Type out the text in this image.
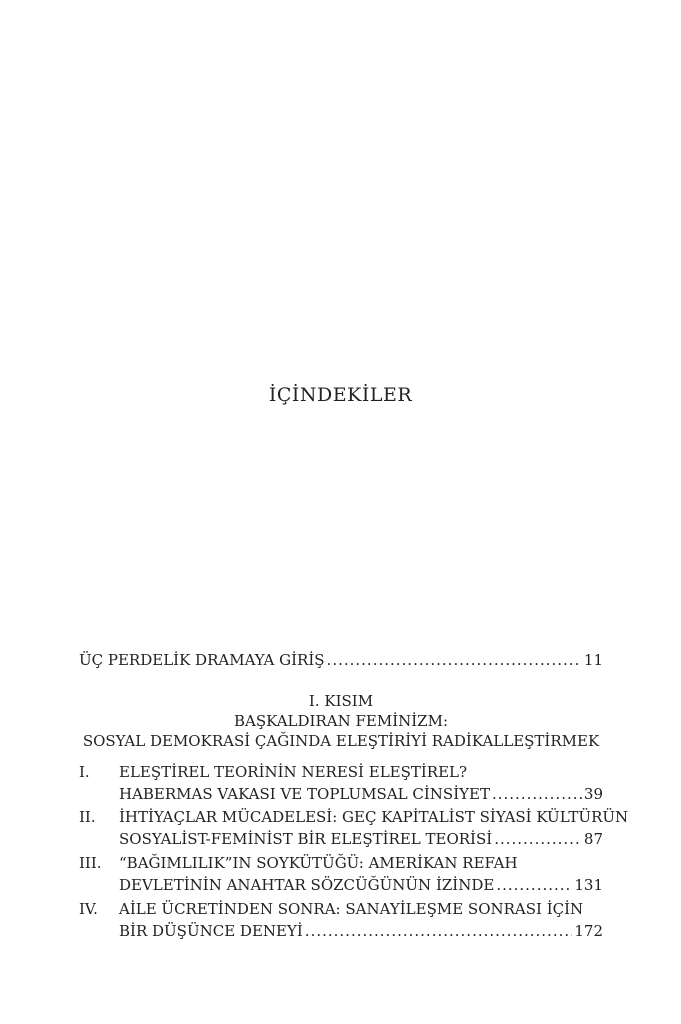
İÇİNDEKİLER
ÜÇ PERDELİK DRAMAYA GİRİŞ .....	11
I. KISIM
BAŞKALDIRAN FEMİNİZM:
SOSYAL DEMOKRASİ ÇAĞINDA ELEŞTİRİYİ RADİKALLEŞTİRMEK
I.	ELEŞTİREL TEORİNİN NERESİ ELEŞTİREL?
HABERMAS VAKASI VE TOPLUMSAL CİNSİYET .....	39
II.	İHTİYAÇLAR MÜCADELESİ: GEÇ KAPİTALİST SİYASİ KÜLTÜRÜN
SOSYALİST-FEMİNİST BİR ELEŞTİREL TEORİSİ .....	87
III.	“BAĞIMLILIK”IN SOYKÜTÜĞÜ: AMERİKAN REFAH
DEVLETİNİN ANAHTAR SÖZCÜĞÜNÜN İZİNDE .....	131
IV.	AİLE ÜCRETİNDEN SONRA: SANAYİLEŞME SONRASI İÇİN
BİR DÜŞÜNCE DENEYİ .....	172
